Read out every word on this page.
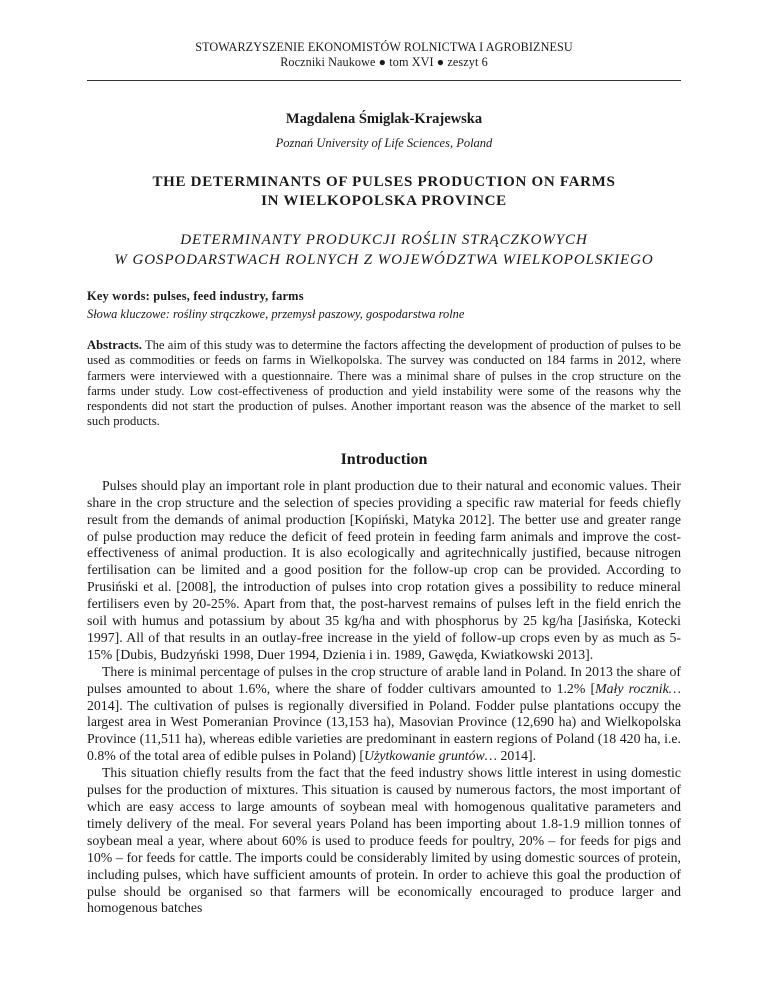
STOWARZYSZENIE EKONOMISTÓW ROLNICTWA I AGROBIZNESU
Roczniki Naukowe ● tom XVI ● zeszyt 6
Magdalena Śmiglak-Krajewska
Poznań University of Life Sciences, Poland
THE DETERMINANTS OF PULSES PRODUCTION ON FARMS
IN WIELKOPOLSKA PROVINCE
DETERMINANTY PRODUKCJI ROŚLIN STRĄCZKOWYCH
W GOSPODARSTWACH ROLNYCH Z WOJEWÓDZTWA WIELKOPOLSKIEGO
Key words: pulses, feed industry, farms
Słowa kluczowe: rośliny strączkowe, przemysł paszowy, gospodarstwa rolne
Abstracts. The aim of this study was to determine the factors affecting the development of production of pulses to be used as commodities or feeds on farms in Wielkopolska. The survey was conducted on 184 farms in 2012, where farmers were interviewed with a questionnaire. There was a minimal share of pulses in the crop structure on the farms under study. Low cost-effectiveness of production and yield instability were some of the reasons why the respondents did not start the production of pulses. Another important reason was the absence of the market to sell such products.
Introduction

Pulses should play an important role in plant production due to their natural and economic values. Their share in the crop structure and the selection of species providing a specific raw material for feeds chiefly result from the demands of animal production [Kopiński, Matyka 2012]. The better use and greater range of pulse production may reduce the deficit of feed protein in feeding farm animals and improve the cost-effectiveness of animal production. It is also ecologically and agritechnically justified, because nitrogen fertilisation can be limited and a good position for the follow-up crop can be provided. According to Prusiński et al. [2008], the introduction of pulses into crop rotation gives a possibility to reduce mineral fertilisers even by 20-25%. Apart from that, the post-harvest remains of pulses left in the field enrich the soil with humus and potassium by about 35 kg/ha and with phosphorus by 25 kg/ha [Jasińska, Kotecki 1997]. All of that results in an outlay-free increase in the yield of follow-up crops even by as much as 5-15% [Dubis, Budzyński 1998, Duer 1994, Dzienia i in. 1989, Gawęda, Kwiatkowski 2013].

There is minimal percentage of pulses in the crop structure of arable land in Poland. In 2013 the share of pulses amounted to about 1.6%, where the share of fodder cultivars amounted to 1.2% [Mały rocznik… 2014]. The cultivation of pulses is regionally diversified in Poland. Fodder pulse plantations occupy the largest area in West Pomeranian Province (13,153 ha), Masovian Province (12,690 ha) and Wielkopolska Province (11,511 ha), whereas edible varieties are predominant in eastern regions of Poland (18 420 ha, i.e. 0.8% of the total area of edible pulses in Poland) [Użytkowanie gruntów… 2014].

This situation chiefly results from the fact that the feed industry shows little interest in using domestic pulses for the production of mixtures. This situation is caused by numerous factors, the most important of which are easy access to large amounts of soybean meal with homogenous qualitative parameters and timely delivery of the meal. For several years Poland has been importing about 1.8-1.9 million tonnes of soybean meal a year, where about 60% is used to produce feeds for poultry, 20% – for feeds for pigs and 10% – for feeds for cattle. The imports could be considerably limited by using domestic sources of protein, including pulses, which have sufficient amounts of protein. In order to achieve this goal the production of pulse should be organised so that farmers will be economically encouraged to produce larger and homogenous batches
